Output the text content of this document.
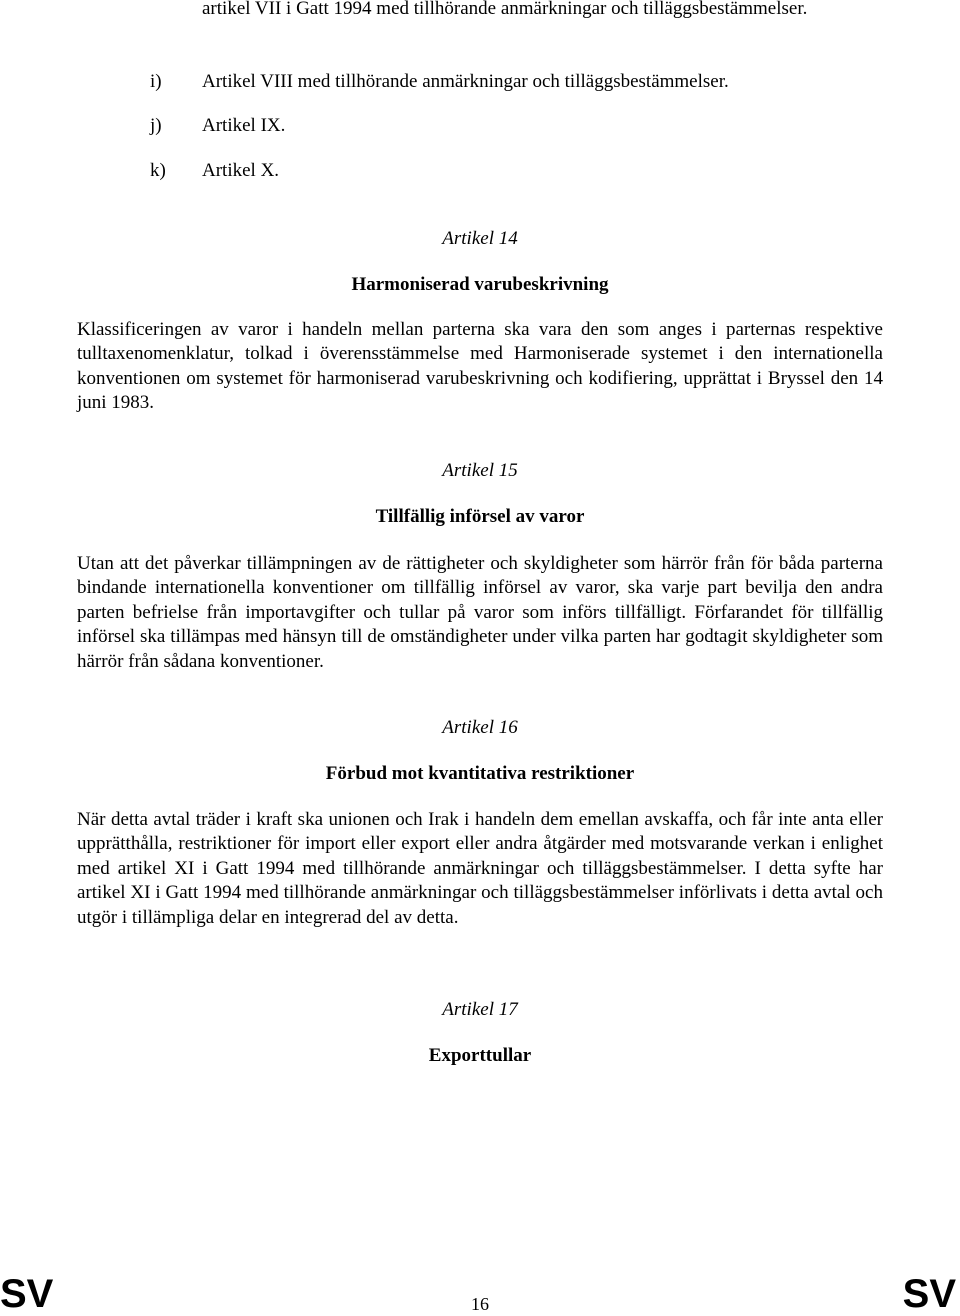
artikel VII i Gatt 1994 med tillhörande anmärkningar och tilläggsbestämmelser.
i)	Artikel VIII med tillhörande anmärkningar och tilläggsbestämmelser.
j)	Artikel IX.
k)	Artikel X.
Artikel 14
Harmoniserad varubeskrivning

Klassificeringen av varor i handeln mellan parterna ska vara den som anges i parternas respektive tulltaxenomenklatur, tolkad i överensstämmelse med Harmoniserade systemet i den internationella konventionen om systemet för harmoniserad varubeskrivning och kodifiering, upprättat i Bryssel den 14 juni 1983.

Artikel 15
Tillfällig införsel av varor

Utan att det påverkar tillämpningen av de rättigheter och skyldigheter som härrör från för båda parterna bindande internationella konventioner om tillfällig införsel av varor, ska varje part bevilja den andra parten befrielse från importavgifter och tullar på varor som införs tillfälligt. Förfarandet för tillfällig införsel ska tillämpas med hänsyn till de omständigheter under vilka parten har godtagit skyldigheter som härrör från sådana konventioner.

Artikel 16
Förbud mot kvantitativa restriktioner

När detta avtal träder i kraft ska unionen och Irak i handeln dem emellan avskaffa, och får inte anta eller upprätthålla, restriktioner för import eller export eller andra åtgärder med motsvarande verkan i enlighet med artikel XI i Gatt 1994 med tillhörande anmärkningar och tilläggsbestämmelser. I detta syfte har artikel XI i Gatt 1994 med tillhörande anmärkningar och tilläggsbestämmelser införlivats i detta avtal och utgör i tillämpliga delar en integrerad del av detta.

Artikel 17
Exporttullar
SV	16	SV
